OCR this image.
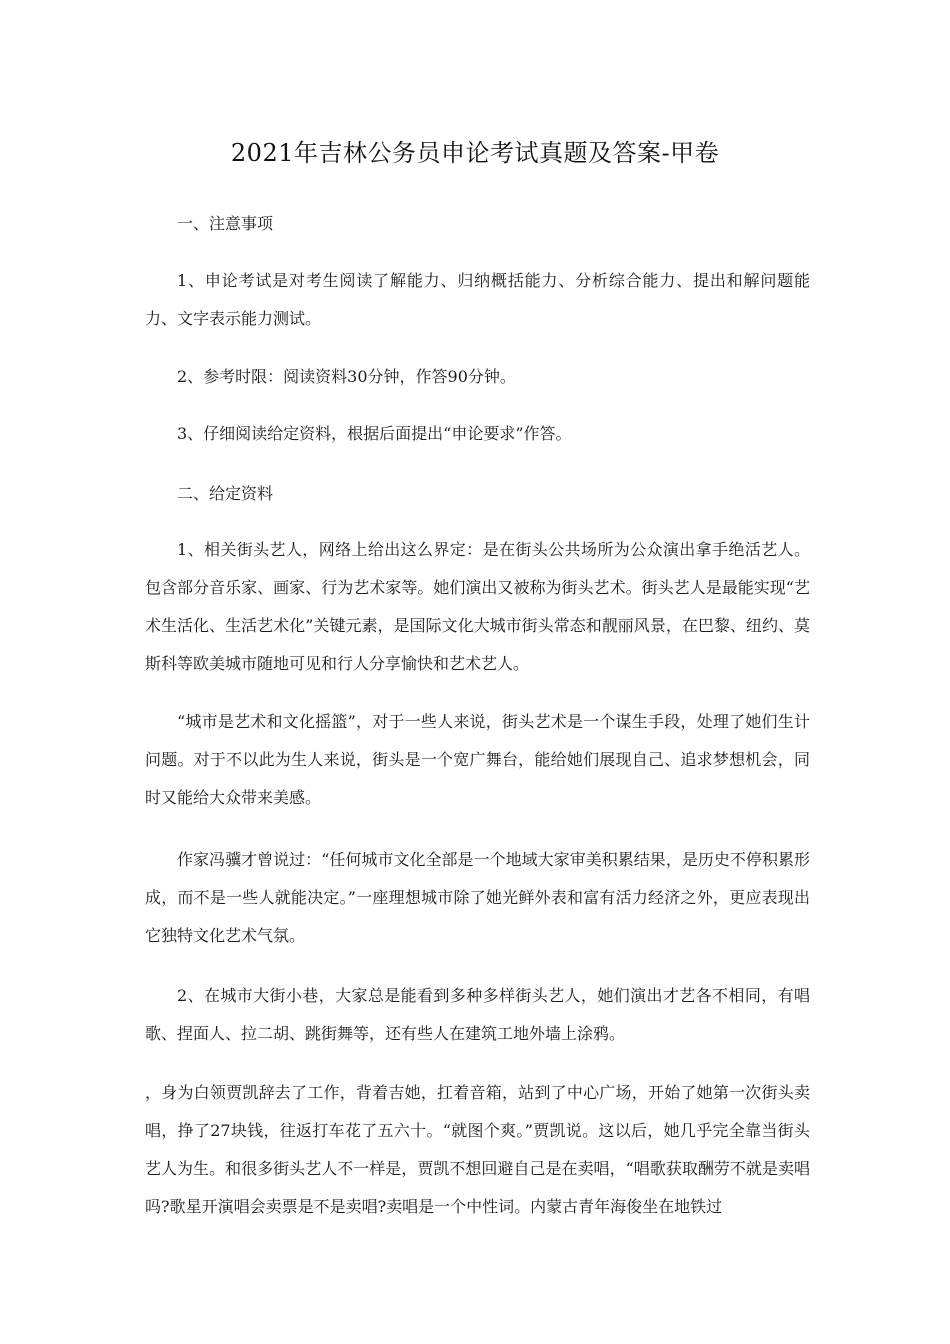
2021年吉林公务员申论考试真题及答案-甲卷
一、注意事项

1、申论考试是对考生阅读了解能力、归纳概括能力、分析综合能力、提出和解问题能力、文字表示能力测试。

2、参考时限：阅读资料30分钟，作答90分钟。

3、仔细阅读给定资料，根据后面提出“申论要求”作答。

二、给定资料

1、相关街头艺人，网络上给出这么界定：是在街头公共场所为公众演出拿手绝活艺人。包含部分音乐家、画家、行为艺术家等。她们演出又被称为街头艺术。街头艺人是最能实现“艺术生活化、生活艺术化”关键元素，是国际文化大城市街头常态和靓丽风景，在巴黎、纽约、莫斯科等欧美城市随地可见和行人分享愉快和艺术艺人。

“城市是艺术和文化摇篮”，对于一些人来说，街头艺术是一个谋生手段，处理了她们生计问题。对于不以此为生人来说，街头是一个宽广舞台，能给她们展现自己、追求梦想机会，同时又能给大众带来美感。

作家冯骥才曾说过：“任何城市文化全部是一个地域大家审美积累结果，是历史不停积累形成，而不是一些人就能决定。”一座理想城市除了她光鲜外表和富有活力经济之外，更应表现出它独特文化艺术气氛。

2、在城市大街小巷，大家总是能看到多种多样街头艺人，她们演出才艺各不相同，有唱歌、捏面人、拉二胡、跳街舞等，还有些人在建筑工地外墙上涂鸦。

，身为白领贾凯辞去了工作，背着吉她，扛着音箱，站到了中心广场，开始了她第一次街头卖唱，挣了27块钱，往返打车花了五六十。“就图个爽。”贾凯说。这以后，她几乎完全靠当街头艺人为生。和很多街头艺人不一样是，贾凯不想回避自己是在卖唱，“唱歌获取酬劳不就是卖唱吗?歌星开演唱会卖票是不是卖唱?卖唱是一个中性词。内蒙古青年海俊坐在地铁过
